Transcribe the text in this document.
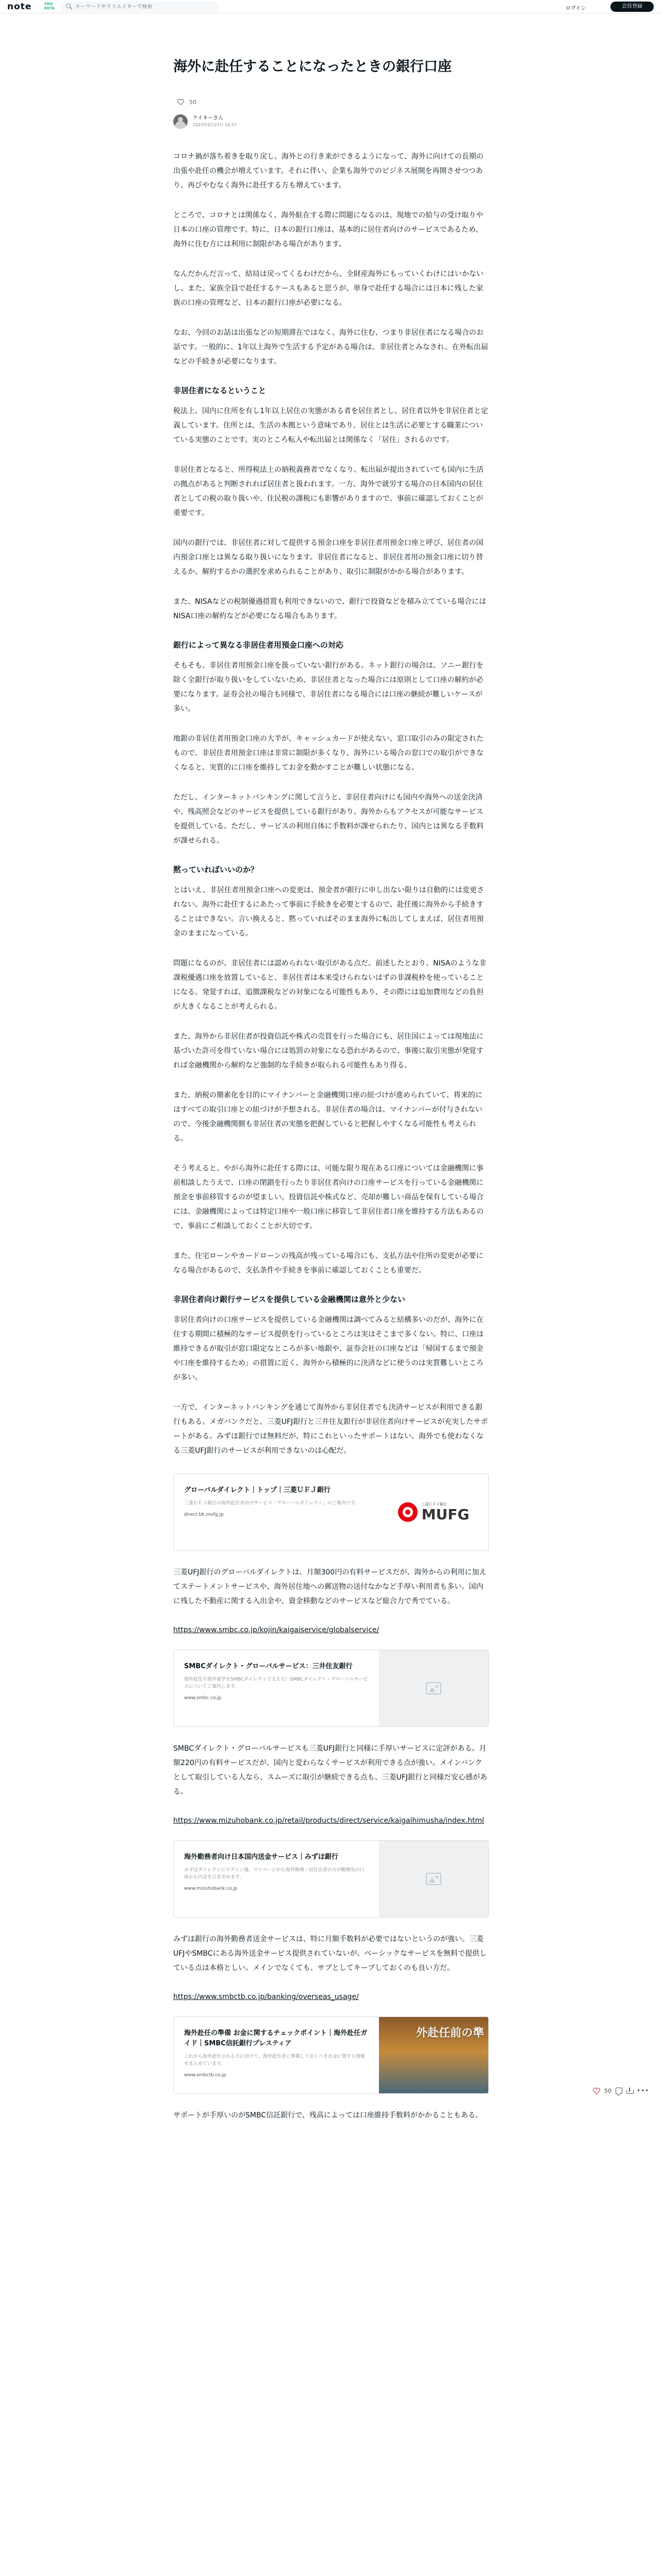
note	PRO
BETA
キーワードやクリエイターで検索	ログイン	会員登録
海外に赴任することになったときの銀行口座
50
ケイキーさん
2023年9月23日 14:57

コロナ禍が落ち着きを取り戻し、海外との行き来ができるようになって、海外に向けての長期の出張や赴任の機会が増えています。それに伴い、企業も海外でのビジネス展開を再開させつつあり、再びやむなく海外に赴任する方も増えています。

ところで、コロナとは関係なく、海外駐在する際に問題になるのは、現地での給与の受け取りや日本の口座の管理です。特に、日本の銀行口座は、基本的に居住者向けのサービスであるため、海外に住む方には利用に制限がある場合があります。

なんだかんだ言って、結局は戻ってくるわけだから、全財産海外にもっていくわけにはいかないし、また、家族全員で赴任するケースもあると思うが、単身で赴任する場合には日本に残した家族の口座の管理など、日本の銀行口座が必要になる。

なお、今回のお話は出張などの短期滞在ではなく、海外に住む、つまり非居住者になる場合のお話です。一般的に、1年以上海外で生活する予定がある場合は、非居住者とみなされ、在外転出届などの手続きが必要になります。

非居住者になるということ

税法上、国内に住所を有し1年以上居住の実態がある者を居住者とし、居住者以外を非居住者と定義しています。住所とは、生活の本拠という意味であり、居住とは生活に必要とする職業についている実態のことです。実のところ転入や転出届とは関係なく「居住」されるのです。

非居住者となると、所得税法上の納税義務者でなくなり、転出届が提出されていても国内に生活の拠点があると判断されれば居住者と扱われます。一方、海外で就労する場合の日本国内の居住者としての税の取り扱いや、住民税の課税にも影響がありますので、事前に確認しておくことが重要です。

国内の銀行では、非居住者に対して提供する預金口座を非居住者用預金口座と呼び、居住者の国内預金口座とは異なる取り扱いになります。非居住者になると、非居住者用の預金口座に切り替えるか、解約するかの選択を求められることがあり、取引に制限がかかる場合があります。

また、NISAなどの税制優遇措置も利用できないので、銀行で投資などを積み立てている場合にはNISA口座の解約などが必要になる場合もあります。

銀行によって異なる非居住者用預金口座への対応

そもそも、非居住者用預金口座を扱っていない銀行がある。ネット銀行の場合は、ソニー銀行を除く全銀行が取り扱いをしていないため、非居住者となった場合には原則として口座の解約が必要になります。証券会社の場合も同様で、非居住者になる場合には口座の継続が難しいケースが多い。

地銀の非居住者用預金口座の大半が、キャッシュカードが使えない、窓口取引のみの限定されたもので、非居住者用預金口座は非常に制限が多くなり、海外にいる場合の窓口での取引ができなくなると、実質的に口座を維持してお金を動かすことが難しい状態になる。

ただし、インターネットバンキングに関して言うと、非居住者向けにも国内や海外への送金決済や、残高照会などのサービスを提供している銀行があり、海外からもアクセスが可能なサービスを提供している。ただし、サービスの利用自体に手数料が課せられたり、国内とは異なる手数料が課せられる。

黙っていればいいのか？

とはいえ、非居住者用預金口座への変更は、預金者が銀行に申し出ない限りは自動的には変更されない。海外に赴任するにあたって事前に手続きを必要とするので、赴任後に海外から手続きすることはできない。言い換えると、黙っていればそのまま海外に転出してしまえば、居住者用預金のままになっている。

問題になるのが、非居住者には認められない取引がある点だ。前述したとおり、NISAのような非課税優遇口座を放置していると、非居住者は本来受けられないはずの非課税枠を使っていることになる。発覚すれば、追徴課税などの対象になる可能性もあり、その際には追加費用などの負担が大きくなることが考えられる。

また、海外から非居住者が投資信託や株式の売買を行った場合にも、居住国によっては現地法に基づいた許可を得ていない場合には処罰の対象になる恐れがあるので、事後に取引実態が発覚すれば金融機関から解約など強制的な手続きが取られる可能性もあり得る。

また、納税の簡素化を目的にマイナンバーと金融機関口座の紐づけが進められていて、将来的にはすべての取引口座との紐づけが予想される。非居住者の場合は、マイナンバーが付与されないので、今後金融機関側も非居住者の実態を把握していると把握しやすくなる可能性も考えられる。

そう考えると、やがら海外に赴任する際には、可能な限り現在ある口座については金融機関に事前相談したうえで、口座の閉鎖を行ったり非居住者向けの口座サービスを行っている金融機関に預金を事前移管するのが望ましい。投資信託や株式など、売却が難しい商品を保有している場合には、金融機関によっては特定口座や一般口座に移管して非居住者口座を維持する方法もあるので、事前にご相談しておくことが大切です。

また、住宅ローンやカードローンの残高が残っている場合にも、支払方法や住所の変更が必要になる場合があるので、支払条件や手続きを事前に確認しておくことも重要だ。

非居住者向け銀行サービスを提供している金融機関は意外と少ない

非居住者向けの口座サービスを提供している金融機関は調べてみると結構多いのだが、海外に在住する期間に積極的なサービス提供を行っているところは実はそこまで多くない。特に、口座は維持できるが取引が窓口限定なところが多い地銀や、証券会社の口座などは「帰国するまで預金や口座を維持するため」の措置に近く、海外から積極的に決済などに使うのは実質難しいところが多い。

一方で、インターネットバンキングを通じて海外から非居住者でも決済サービスが利用できる銀行もある。メガバンクだと、三菱UFJ銀行と三井住友銀行が非居住者向けサービスが充実したサポートがある。みずほ銀行では無料だが、特にこれといったサポートはない。海外でも使わなくなる三菱UFJ銀行のサービスが利用できないのは心配だ。

グローバルダイレクト｜トップ｜三菱ＵＦＪ銀行
三菱ＵＦＪ銀行の海外赴任者向けサービス「グローバルダイレクト」のご案内です。
direct.bk.mufg.jp
三菱ＵＦＪ銀行
MUFG

三菱UFJ銀行のグローバルダイレクトは、月額300円の有料サービスだが、海外からの利用に加えてステートメントサービスや、海外居住地への郵送物の送付なかなど手厚い利用者も多い。国内に残した不動産に関する入出金や、資金移動などのサービスなど総合力で秀でている。

https://www.smbc.co.jp/kojin/kaigaiservice/globalservice/
SMBCダイレクト・グローバルサービス：三井住友銀行
海外赴任や海外留学をSMBCダイレクトで支える！SMBCダイレクト・グローバルサービスについてご案内します。
www.smbc.co.jp

SMBCダイレクト・グローバルサービスも三菱UFJ銀行と同様に手厚いサービスに定評がある。月額220円の有料サービスだが、国内と変わらなくサービスが利用できる点が強い。メインバンクとして取引している人なら、スムーズに取引が継続できる点も、三菱UFJ銀行と同様だ安心感がある。

https://www.mizuhobank.co.jp/retail/products/direct/service/kaigaihimusha/index.html
海外勤務者向け日本国内送金サービス｜みずほ銀行
みずほダイレクトにログイン後、マイページから海外勤務・居住在者の方が勤務先の口座から円金を引き出せます。
www.mizuhobank.co.jp

みずほ銀行の海外勤務者送金サービスは、特に月額手数料が必要ではないというのが強い。三菱UFJやSMBCにある海外送金サービス提供されていないが、ベーシックなサービスを無料で提供している点は本格としい。メインでなくても、サブとしてキープしておくのも良い方だ。

https://www.smbctb.co.jp/banking/overseas_usage/
海外赴任の準備 お金に関するチェックポイント｜海外赴任ガイド｜SMBC信託銀行プレスティア
これから海外赴任される方に向けて、海外赴任者に準備しておくべきお金に関する情報をまとめています。
www.smbctb.co.jp
外赴任前の準

サポートが手厚いのがSMBC信託銀行で、残高によっては口座維持手数料がかかることもある。

50	•••
